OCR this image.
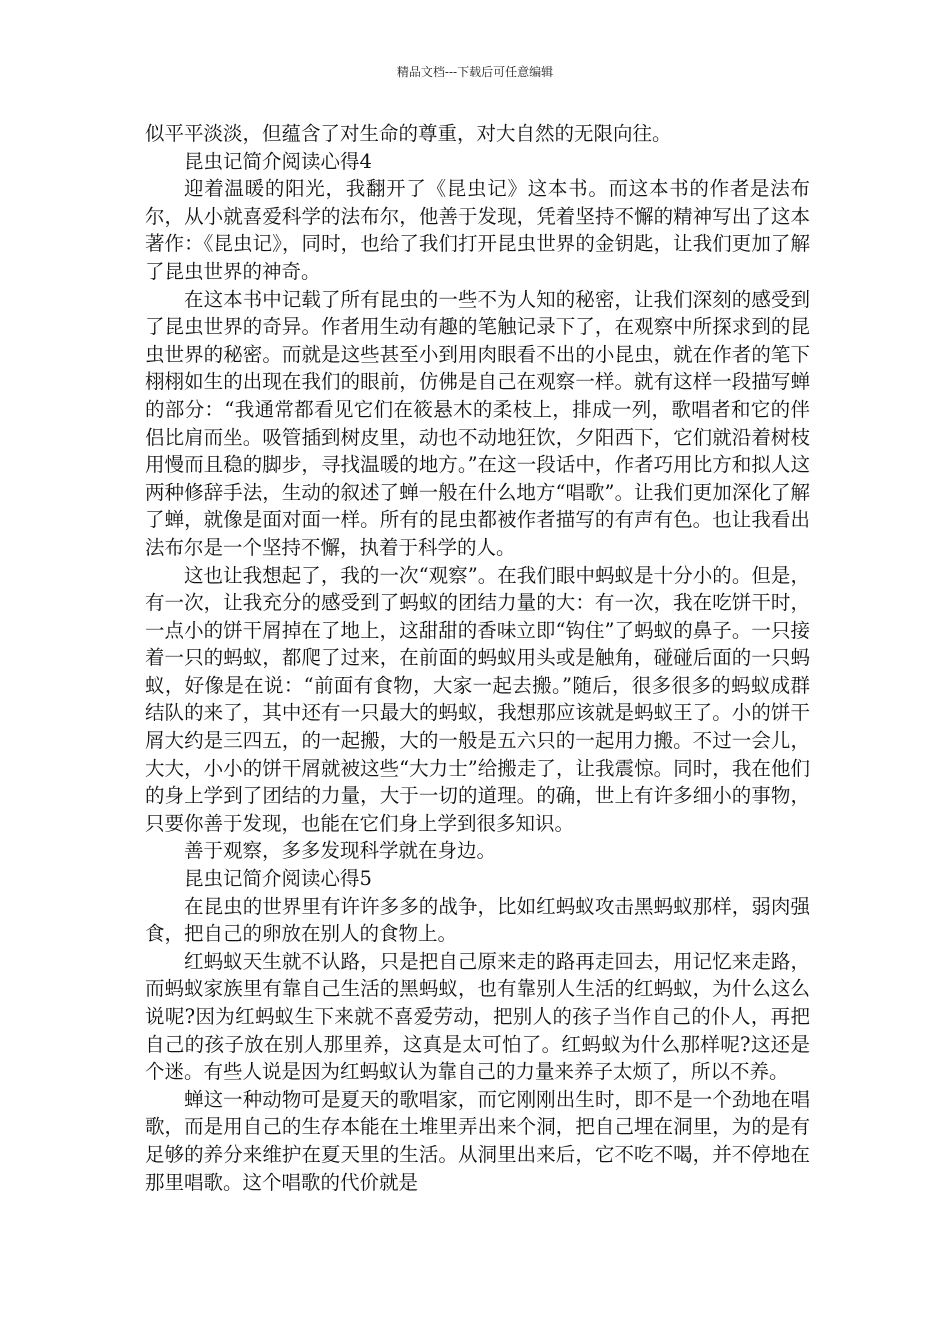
精品文档---下载后可任意编辑

似平平淡淡，但蕴含了对生命的尊重，对大自然的无限向往。

昆虫记简介阅读心得4

迎着温暖的阳光，我翻开了《昆虫记》这本书。而这本书的作者是法布尔，从小就喜爱科学的法布尔，他善于发现，凭着坚持不懈的精神写出了这本著作：《昆虫记》，同时，也给了我们打开昆虫世界的金钥匙，让我们更加了解了昆虫世界的神奇。

在这本书中记载了所有昆虫的一些不为人知的秘密，让我们深刻的感受到了昆虫世界的奇异。作者用生动有趣的笔触记录下了，在观察中所探求到的昆虫世界的秘密。而就是这些甚至小到用肉眼看不出的小昆虫，就在作者的笔下栩栩如生的出现在我们的眼前，仿佛是自己在观察一样。就有这样一段描写蝉的部分：“我通常都看见它们在筱悬木的柔枝上，排成一列，歌唱者和它的伴侣比肩而坐。吸管插到树皮里，动也不动地狂饮，夕阳西下，它们就沿着树枝用慢而且稳的脚步，寻找温暖的地方。”在这一段话中，作者巧用比方和拟人这两种修辞手法，生动的叙述了蝉一般在什么地方“唱歌”。让我们更加深化了解了蝉，就像是面对面一样。所有的昆虫都被作者描写的有声有色。也让我看出法布尔是一个坚持不懈，执着于科学的人。

这也让我想起了，我的一次“观察”。在我们眼中蚂蚁是十分小的。但是，有一次，让我充分的感受到了蚂蚁的团结力量的大：有一次，我在吃饼干时，一点小的饼干屑掉在了地上，这甜甜的香味立即“钩住”了蚂蚁的鼻子。一只接着一只的蚂蚁，都爬了过来，在前面的蚂蚁用头或是触角，碰碰后面的一只蚂蚁，好像是在说：“前面有食物，大家一起去搬。”随后，很多很多的蚂蚁成群结队的来了，其中还有一只最大的蚂蚁，我想那应该就是蚂蚁王了。小的饼干屑大约是三四五，的一起搬，大的一般是五六只的一起用力搬。不过一会儿，大大，小小的饼干屑就被这些“大力士”给搬走了，让我震惊。同时，我在他们的身上学到了团结的力量，大于一切的道理。的确，世上有许多细小的事物，只要你善于发现，也能在它们身上学到很多知识。

善于观察，多多发现科学就在身边。

昆虫记简介阅读心得5

在昆虫的世界里有许许多多的战争，比如红蚂蚁攻击黑蚂蚁那样，弱肉强食，把自己的卵放在别人的食物上。

红蚂蚁天生就不认路，只是把自己原来走的路再走回去，用记忆来走路，而蚂蚁家族里有靠自己生活的黑蚂蚁，也有靠别人生活的红蚂蚁，为什么这么说呢?因为红蚂蚁生下来就不喜爱劳动，把别人的孩子当作自己的仆人，再把自己的孩子放在别人那里养，这真是太可怕了。红蚂蚁为什么那样呢?这还是个迷。有些人说是因为红蚂蚁认为靠自己的力量来养子太烦了，所以不养。

蝉这一种动物可是夏天的歌唱家，而它刚刚出生时，即不是一个劲地在唱歌，而是用自己的生存本能在土堆里弄出来个洞，把自己埋在洞里，为的是有足够的养分来维护在夏天里的生活。从洞里出来后，它不吃不喝，并不停地在那里唱歌。这个唱歌的代价就是
